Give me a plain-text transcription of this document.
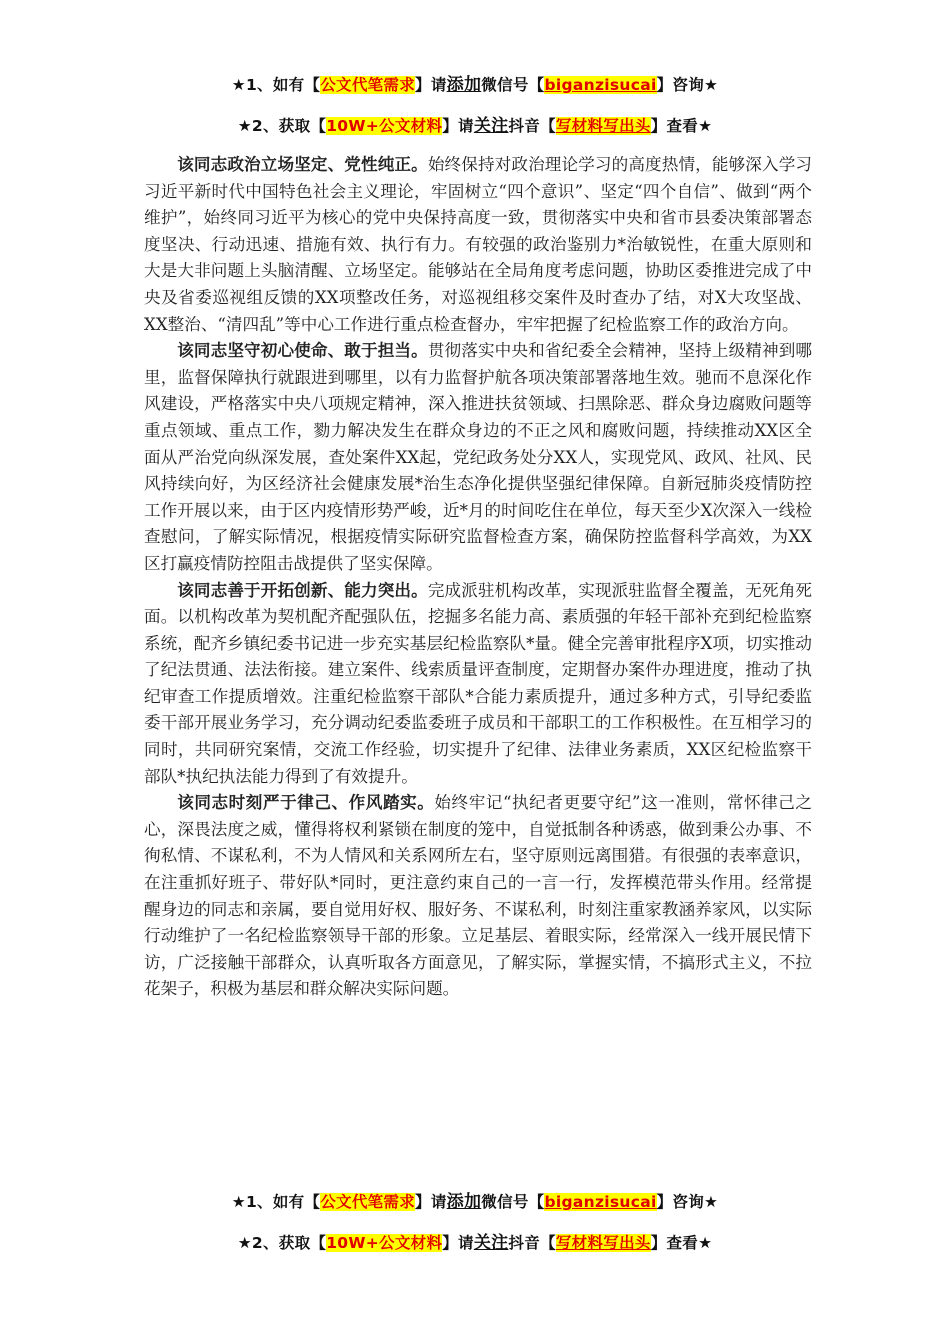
★1、如有【公文代笔需求】请添加微信号【biganzisucai】咨询★
★2、获取【10W+公文材料】请关注抖音【写材料写出头】查看★

该同志政治立场坚定、党性纯正。始终保持对政治理论学习的高度热情，能够深入学习习近平新时代中国特色社会主义理论，牢固树立“四个意识”、坚定“四个自信”、做到“两个维护”，始终同习近平为核心的党中央保持高度一致，贯彻落实中央和省市县委决策部署态度坚决、行动迅速、措施有效、执行有力。有较强的政治鉴别力*治敏锐性，在重大原则和大是大非问题上头脑清醒、立场坚定。能够站在全局角度考虑问题，协助区委推进完成了中央及省委巡视组反馈的XX项整改任务，对巡视组移交案件及时查办了结，对X大攻坚战、XX整治、“清四乱”等中心工作进行重点检查督办，牢牢把握了纪检监察工作的政治方向。

该同志坚守初心使命、敢于担当。贯彻落实中央和省纪委全会精神，坚持上级精神到哪里，监督保障执行就跟进到哪里，以有力监督护航各项决策部署落地生效。驰而不息深化作风建设，严格落实中央八项规定精神，深入推进扶贫领域、扫黑除恶、群众身边腐败问题等重点领域、重点工作，勠力解决发生在群众身边的不正之风和腐败问题，持续推动XX区全面从严治党向纵深发展，查处案件XX起，党纪政务处分XX人，实现党风、政风、社风、民风持续向好，为区经济社会健康发展*治生态净化提供坚强纪律保障。自新冠肺炎疫情防控工作开展以来，由于区内疫情形势严峻，近*月的时间吃住在单位，每天至少X次深入一线检查慰问，了解实际情况，根据疫情实际研究监督检查方案，确保防控监督科学高效，为XX区打赢疫情防控阻击战提供了坚实保障。

该同志善于开拓创新、能力突出。完成派驻机构改革，实现派驻监督全覆盖，无死角死面。以机构改革为契机配齐配强队伍，挖掘多名能力高、素质强的年轻干部补充到纪检监察系统，配齐乡镇纪委书记进一步充实基层纪检监察队*量。健全完善审批程序X项，切实推动了纪法贯通、法法衔接。建立案件、线索质量评查制度，定期督办案件办理进度，推动了执纪审查工作提质增效。注重纪检监察干部队*合能力素质提升，通过多种方式，引导纪委监委干部开展业务学习，充分调动纪委监委班子成员和干部职工的工作积极性。在互相学习的同时，共同研究案情，交流工作经验，切实提升了纪律、法律业务素质，XX区纪检监察干部队*执纪执法能力得到了有效提升。

该同志时刻严于律己、作风踏实。始终牢记“执纪者更要守纪”这一准则，常怀律己之心，深畏法度之威，懂得将权利紧锁在制度的笼中，自觉抵制各种诱惑，做到秉公办事、不徇私情、不谋私利，不为人情风和关系网所左右，坚守原则远离围猎。有很强的表率意识，在注重抓好班子、带好队*同时，更注意约束自己的一言一行，发挥模范带头作用。经常提醒身边的同志和亲属，要自觉用好权、服好务、不谋私利，时刻注重家教涵养家风，以实际行动维护了一名纪检监察领导干部的形象。立足基层、着眼实际，经常深入一线开展民情下访，广泛接触干部群众，认真听取各方面意见，了解实际，掌握实情，不搞形式主义，不拉花架子，积极为基层和群众解决实际问题。

★1、如有【公文代笔需求】请添加微信号【biganzisucai】咨询★
★2、获取【10W+公文材料】请关注抖音【写材料写出头】查看★
